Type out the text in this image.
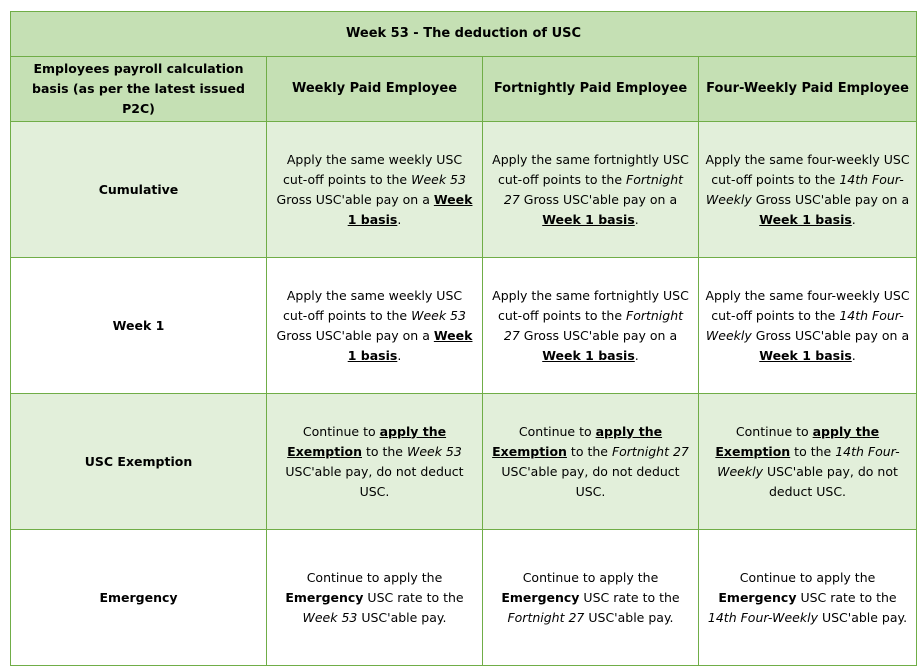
Week 53 - The deduction of USC			
Employees payroll calculation basis (as per the latest issued P2C)	Weekly Paid Employee	Fortnightly Paid Employee	Four-Weekly Paid Employee
Cumulative	Apply the same weekly USC cut-off points to the Week 53 Gross USC'able pay on a Week 1 basis.	Apply the same fortnightly USC cut-off points to the Fortnight 27 Gross USC'able pay on a Week 1 basis.	Apply the same four-weekly USC cut-off points to the 14th Four-Weekly Gross USC'able pay on a Week 1 basis.
Week 1	Apply the same weekly USC cut-off points to the Week 53 Gross USC'able pay on a Week 1 basis.	Apply the same fortnightly USC cut-off points to the Fortnight 27 Gross USC'able pay on a Week 1 basis.	Apply the same four-weekly USC cut-off points to the 14th Four-Weekly Gross USC'able pay on a Week 1 basis.
USC Exemption	Continue to apply the Exemption to the Week 53 USC'able pay, do not deduct USC.	Continue to apply the Exemption to the Fortnight 27 USC'able pay, do not deduct USC.	Continue to apply the Exemption to the 14th Four-Weekly USC'able pay, do not deduct USC.
Emergency	Continue to apply the Emergency USC rate to the Week 53 USC'able pay.	Continue to apply the Emergency USC rate to the Fortnight 27 USC'able pay.	Continue to apply the Emergency USC rate to the 14th Four-Weekly USC'able pay.
